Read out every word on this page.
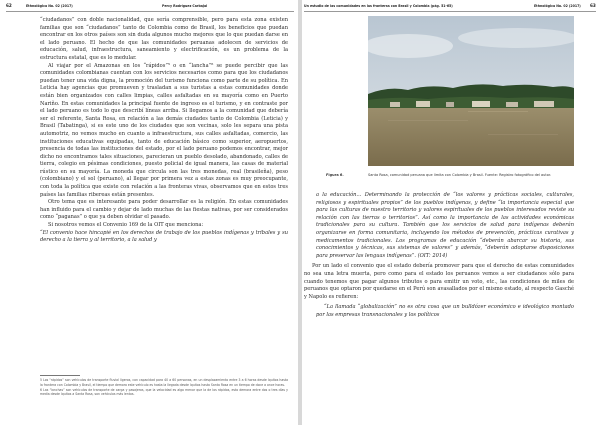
62	Ethnológica No. 02 (2017)	Percy Rodríguez Carbajal

“ciudadanos” con doble nacionalidad, que sería comprensible, pero para esta zona existen familias que son “ciudadanos” tanto de Colombia como de Brasil, los beneficios que puedan encontrar en los otros países son sin duda algunos mucho mejores que lo que puedan darse en el lado peruano. El hecho de que las comunidades peruanas adolecen de servicios de educación, salud, infraestructura, saneamiento y electrificación, es un problema de la estructura estatal, que es lo medular.

Al viajar por el Amazonas en los “rápidos”⁵ o en “lancha”⁶ se puede percibir que las comunidades colombianas cuentan con los servicios necesarios como para que los ciudadanos puedan tener una vida digna, la promoción del turismo funciona como parte de su política. En Leticia hay agencias que promueven y trasladan a sus turistas a estas comunidades donde están bien organizados con calles limpias, calles asfaltadas en su mayoría como en Puerto Nariño. En estas comunidades la principal fuente de ingreso es el turismo, y en contraste por el lado peruano es todo lo que describí líneas arriba. Si llegamos a la comunidad que debería ser el referente, Santa Rosa, en relación a las demás ciudades tanto de Colombia (Leticia) y Brasil (Tabatinga), si es este uno de los ciudades que son vecinas, solo les separa una pista automotriz, no vemos mucho en cuanto a infraestructura, sus calles asfaltadas, comercio, las instituciones educativas equipadas, tanto de educación básico como superior, aeropuertos, presencia de todas las instituciones del estado, por el lado peruano podemos encontrar, mejor dicho no encontramos tales situaciones, parecieran un pueblo desolado, abandonado, calles de tierra, colegio en pésimas condiciones, puesto policial de igual manera, las casas de material rústico en su mayoría. La moneda que circula son las tres monedas, real (brasileña), peso (colombiano) y el sol (peruano), al llegar por primera vez a estas zonas es muy preocupante, con toda la política que existe con relación a las fronteras vivas, observamos que en estos tres países las familias ribereas están presentes.

Otro tema que es interesante para poder desarrollar es la religión. En estas comunidades han influido para el cambio y dejar de lado muchas de las fiestas nativas, por ser considerados como “paganas” o que ya deben olvidar el pasado.

Si nosotros vemos el Convenio 169 de la OIT que menciona:

“El convenio hace hincapié en los derechos de trabajo de los pueblos indígenas y tribales y su derecho a la tierra y al territorio, a la salud y

5 Los “rápidos” son vehículos de transporte fluvial ligeros, con capacidad para 40 a 60 personas, en un desplazamiento entre 3 a 6 horas desde Iquitos hasta la frontera con Colombia y Brasil, el tiempo que demora este vehículo es hasta la llegada desde Iquitos hasta Santa Rosa en un tiempo de doce a once horas.

6 Las “lanchas” son vehículos de transporte de carga y pasajeros, que la velocidad es algo menor que la de los rápidos, esto demora entre dos o tres días y media desde Iquitos a Santa Rosa, son vehículos más lentos.

Un estudio de las comunidades en las fronteras con Brasil y Colombia (pág. 51-65)	Ethnológica No. 02 (2017) 63
Figura 6.	Santa Rosa, comunidad peruana que limita con Colombia y Brasil. Fuente: Registro fotográfico del autor.

a la educación… Determinando la protección de “los valores y prácticas sociales, culturales, religiosos y espirituales propios” de los pueblos indígenas, y define “la importancia especial que para las culturas de nuestro territorio y valores espirituales de los pueblos interesados reviste su relación con las tierras o territorios”. Así como la importancia de las actividades económicas tradicionales para su cultura. También que los servicios de salud para indígenas deberán organizarse en forma comunitaria, incluyendo los métodos de prevención, prácticas curativas y medicamentos tradicionales. Los programas de educación “deberán abarcar su historia, sus conocimientos y técnicas, sus sistemas de valores” y además, “deberán adoptarse disposiciones para preservar las lenguas indígenas”. (OIT: 2014)

Por un lado el convenio que el estado debería promover para que el derecho de estas comunidades no sea una letra muerta, pero como para el estado los peruanos vemos a ser ciudadanos sólo para cuando tenemos que pagar algunos tributos o para emitir un voto, etc., las condiciones de miles de peruanos que optaron por quedarse en el Perú son avasallados por el mismo estado, al respecto Gasché y Napolo es refieren:

“La llamada “globalización” no es otra cosa que un bulldózer económico e ideológico montado por las empresas transnacionales y los políticos
